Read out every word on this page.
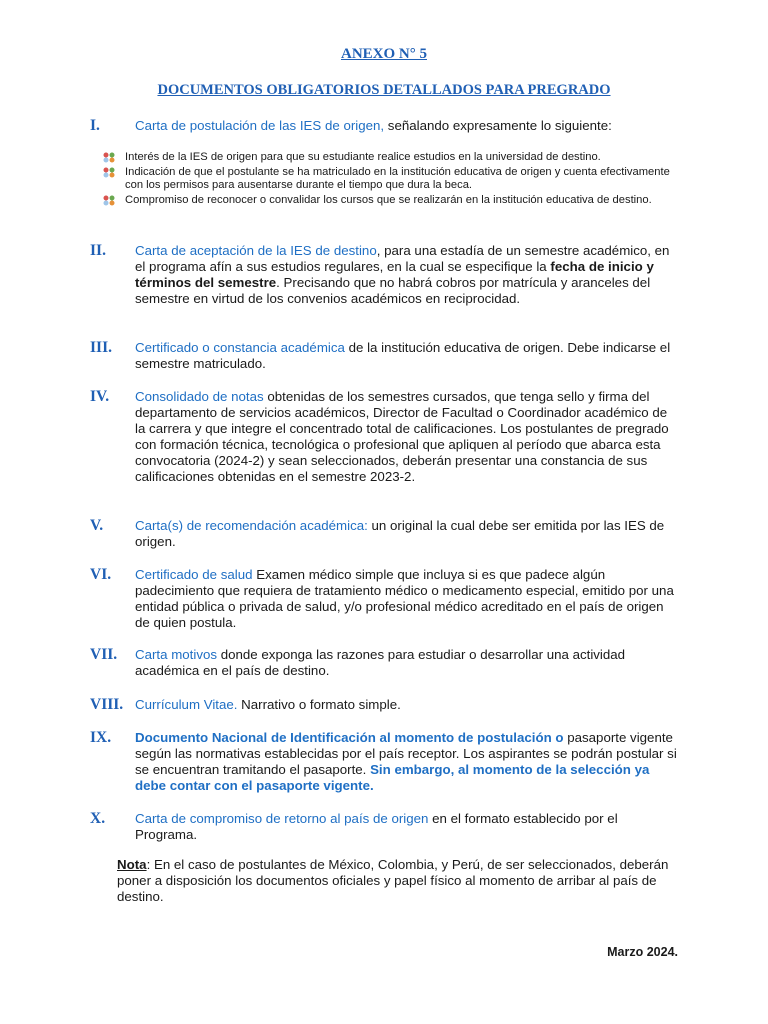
ANEXO N° 5
DOCUMENTOS OBLIGATORIOS DETALLADOS PARA PREGRADO
I.	Carta de postulación de las IES de origen, señalando expresamente lo siguiente:
Interés de la IES de origen para que su estudiante realice estudios en la universidad de destino.
Indicación de que el postulante se ha matriculado en la institución educativa de origen y cuenta efectivamente con los permisos para ausentarse durante el tiempo que dura la beca.
Compromiso de reconocer o convalidar los cursos que se realizarán en la institución educativa de destino.
II. Carta de aceptación de la IES de destino, para una estadía de un semestre académico, en el programa afín a sus estudios regulares, en la cual se especifique la fecha de inicio y términos del semestre. Precisando que no habrá cobros por matrícula y aranceles del semestre en virtud de los convenios académicos en reciprocidad.
III. Certificado o constancia académica de la institución educativa de origen. Debe indicarse el semestre matriculado.
IV. Consolidado de notas obtenidas de los semestres cursados, que tenga sello y firma del departamento de servicios académicos, Director de Facultad o Coordinador académico de la carrera y que integre el concentrado total de calificaciones. Los postulantes de pregrado con formación técnica, tecnológica o profesional que apliquen al período que abarca esta convocatoria (2024-2) y sean seleccionados, deberán presentar una constancia de sus calificaciones obtenidas en el semestre 2023-2.
V. Carta(s) de recomendación académica: un original la cual debe ser emitida por las IES de origen.
VI. Certificado de salud Examen médico simple que incluya si es que padece algún padecimiento que requiera de tratamiento médico o medicamento especial, emitido por una entidad pública o privada de salud, y/o profesional médico acreditado en el país de origen de quien postula.
VII. Carta motivos donde exponga las razones para estudiar o desarrollar una actividad académica en el país de destino.
VIII. Currículum Vitae. Narrativo o formato simple.
IX. Documento Nacional de Identificación al momento de postulación o pasaporte vigente según las normativas establecidas por el país receptor. Los aspirantes se podrán postular si se encuentran tramitando el pasaporte. Sin embargo, al momento de la selección ya debe contar con el pasaporte vigente.
X. Carta de compromiso de retorno al país de origen en el formato establecido por el Programa.
Nota: En el caso de postulantes de México, Colombia, y Perú, de ser seleccionados, deberán poner a disposición los documentos oficiales y papel físico al momento de arribar al país de destino.
Marzo 2024.
